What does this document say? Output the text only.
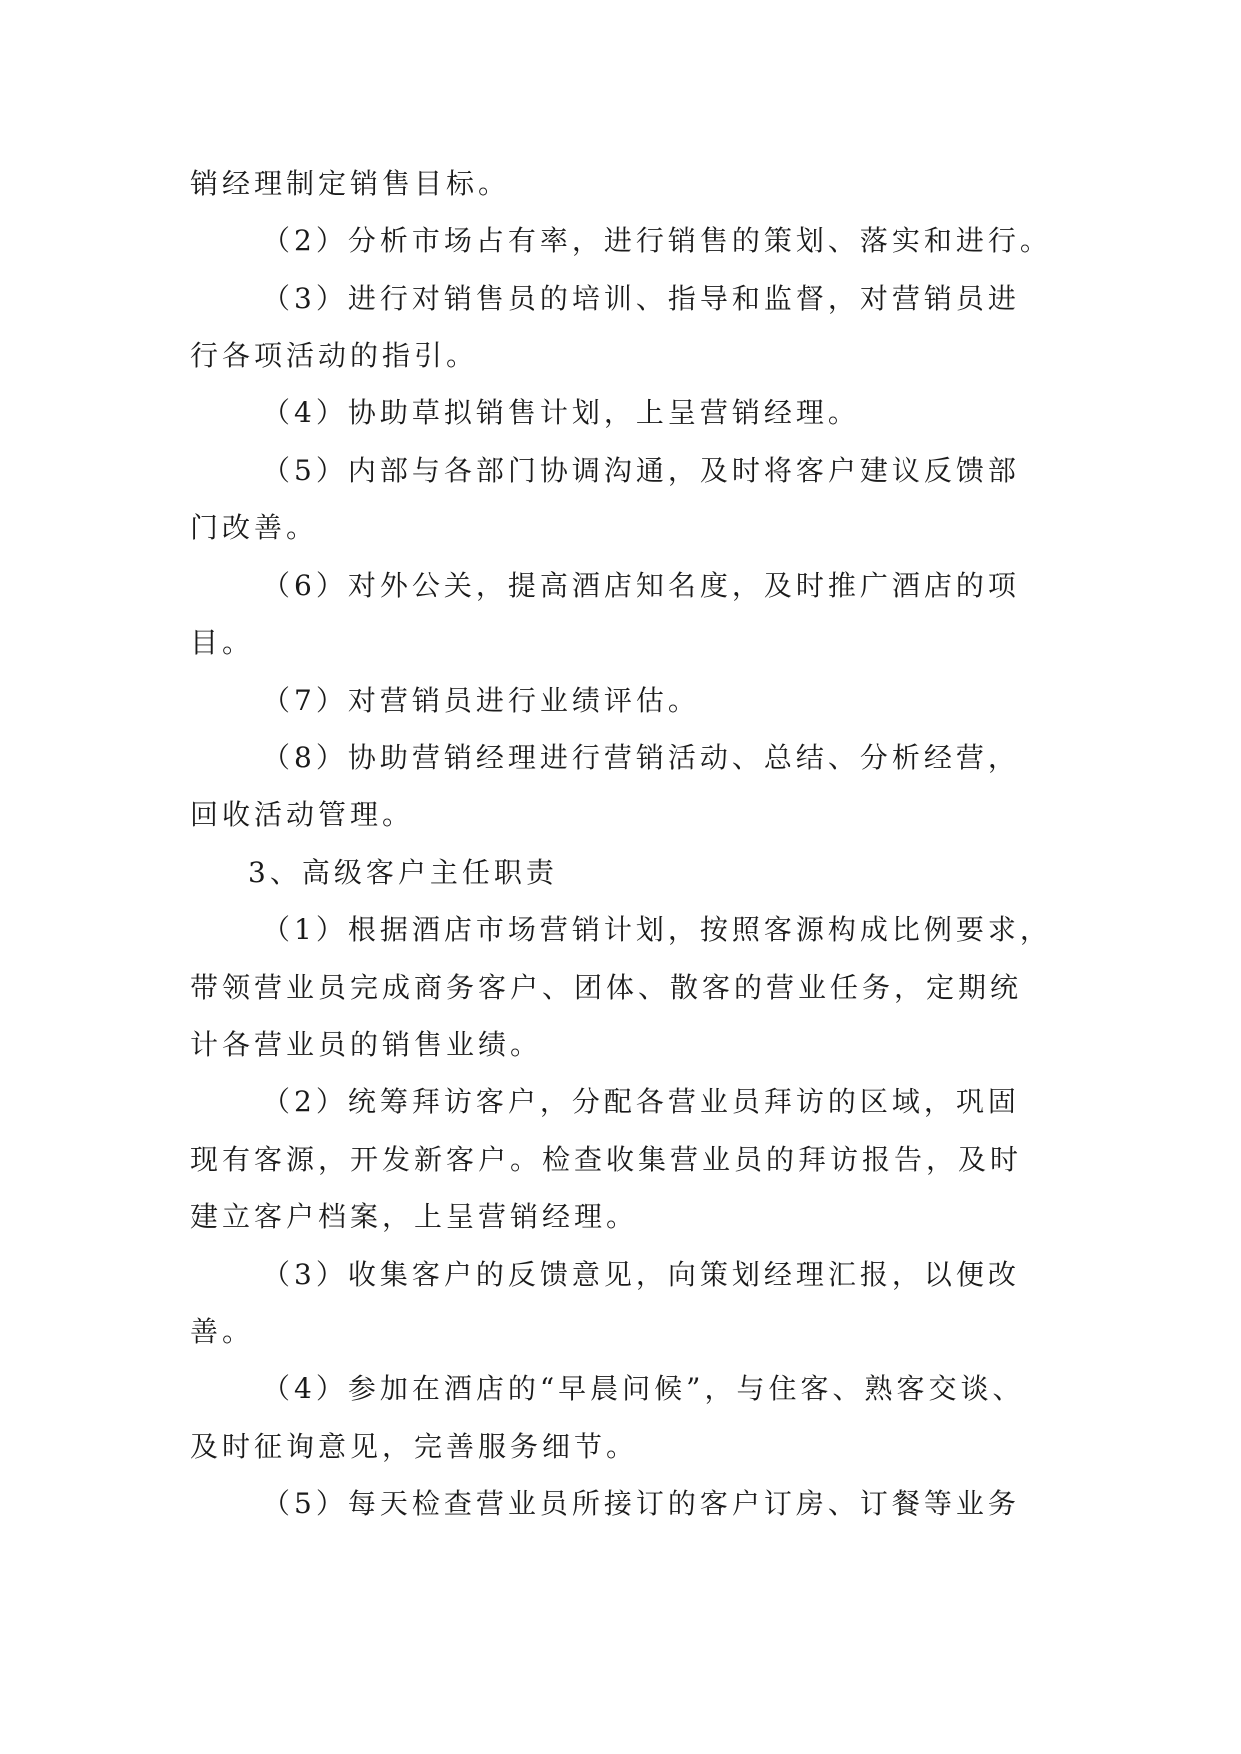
销经理制定销售目标。
（2）分析市场占有率，进行销售的策划、落实和进行。
（3）进行对销售员的培训、指导和监督，对营销员进
行各项活动的指引。
（4）协助草拟销售计划，上呈营销经理。
（5）内部与各部门协调沟通，及时将客户建议反馈部
门改善。
（6）对外公关，提高酒店知名度，及时推广酒店的项
目。
（7）对营销员进行业绩评估。
（8）协助营销经理进行营销活动、总结、分析经营，
回收活动管理。
3、高级客户主任职责
（1）根据酒店市场营销计划，按照客源构成比例要求，
带领营业员完成商务客户、团体、散客的营业任务，定期统
计各营业员的销售业绩。
（2）统筹拜访客户，分配各营业员拜访的区域，巩固
现有客源，开发新客户。检查收集营业员的拜访报告，及时
建立客户档案，上呈营销经理。
（3）收集客户的反馈意见，向策划经理汇报，以便改
善。
（4）参加在酒店的“早晨问候”，与住客、熟客交谈、
及时征询意见，完善服务细节。
（5）每天检查营业员所接订的客户订房、订餐等业务
